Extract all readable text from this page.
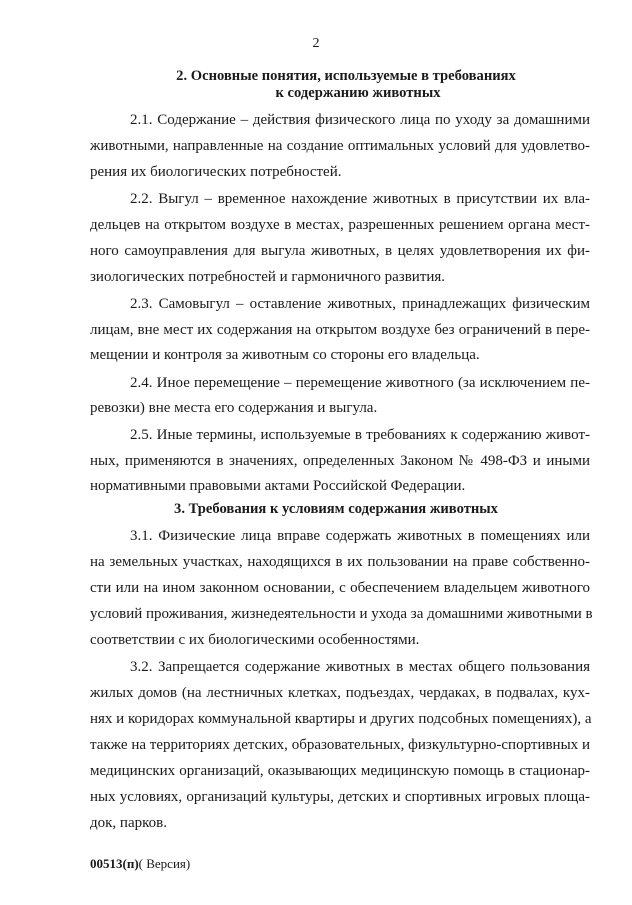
2
2. Основные понятия, используемые в требованиях
к содержанию животных
2.1. Содержание – действия физического лица по уходу за домашними
животными, направленные на создание оптимальных условий для удовлетво-
рения их биологических потребностей.
2.2. Выгул – временное нахождение животных в присутствии их вла-
дельцев на открытом воздухе в местах, разрешенных решением органа мест-
ного самоуправления для выгула животных, в целях удовлетворения их фи-
зиологических потребностей и гармоничного развития.
2.3. Самовыгул – оставление животных, принадлежащих физическим
лицам, вне мест их содержания на открытом воздухе без ограничений в пере-
мещении и контроля за животным со стороны его владельца.
2.4. Иное перемещение – перемещение животного (за исключением пе-
ревозки) вне места его содержания и выгула.
2.5. Иные термины, используемые в требованиях к содержанию живот-
ных, применяются в значениях, определенных Законом № 498-ФЗ и иными
нормативными правовыми актами Российской Федерации.
3. Требования к условиям содержания животных
3.1. Физические лица вправе содержать животных в помещениях или
на земельных участках, находящихся в их пользовании на праве собственно-
сти или на ином законном основании, с обеспечением владельцем животного
условий проживания, жизнедеятельности и ухода за домашними животными в
соответствии с их биологическими особенностями.
3.2. Запрещается содержание животных в местах общего пользования
жилых домов (на лестничных клетках, подъездах, чердаках, в подвалах, кух-
нях и коридорах коммунальной квартиры и других подсобных помещениях), а
также на территориях детских, образовательных, физкультурно-спортивных и
медицинских организаций, оказывающих медицинскую помощь в стационар-
ных условиях, организаций культуры, детских и спортивных игровых площа-
док, парков.
00513(п)( Версия)
